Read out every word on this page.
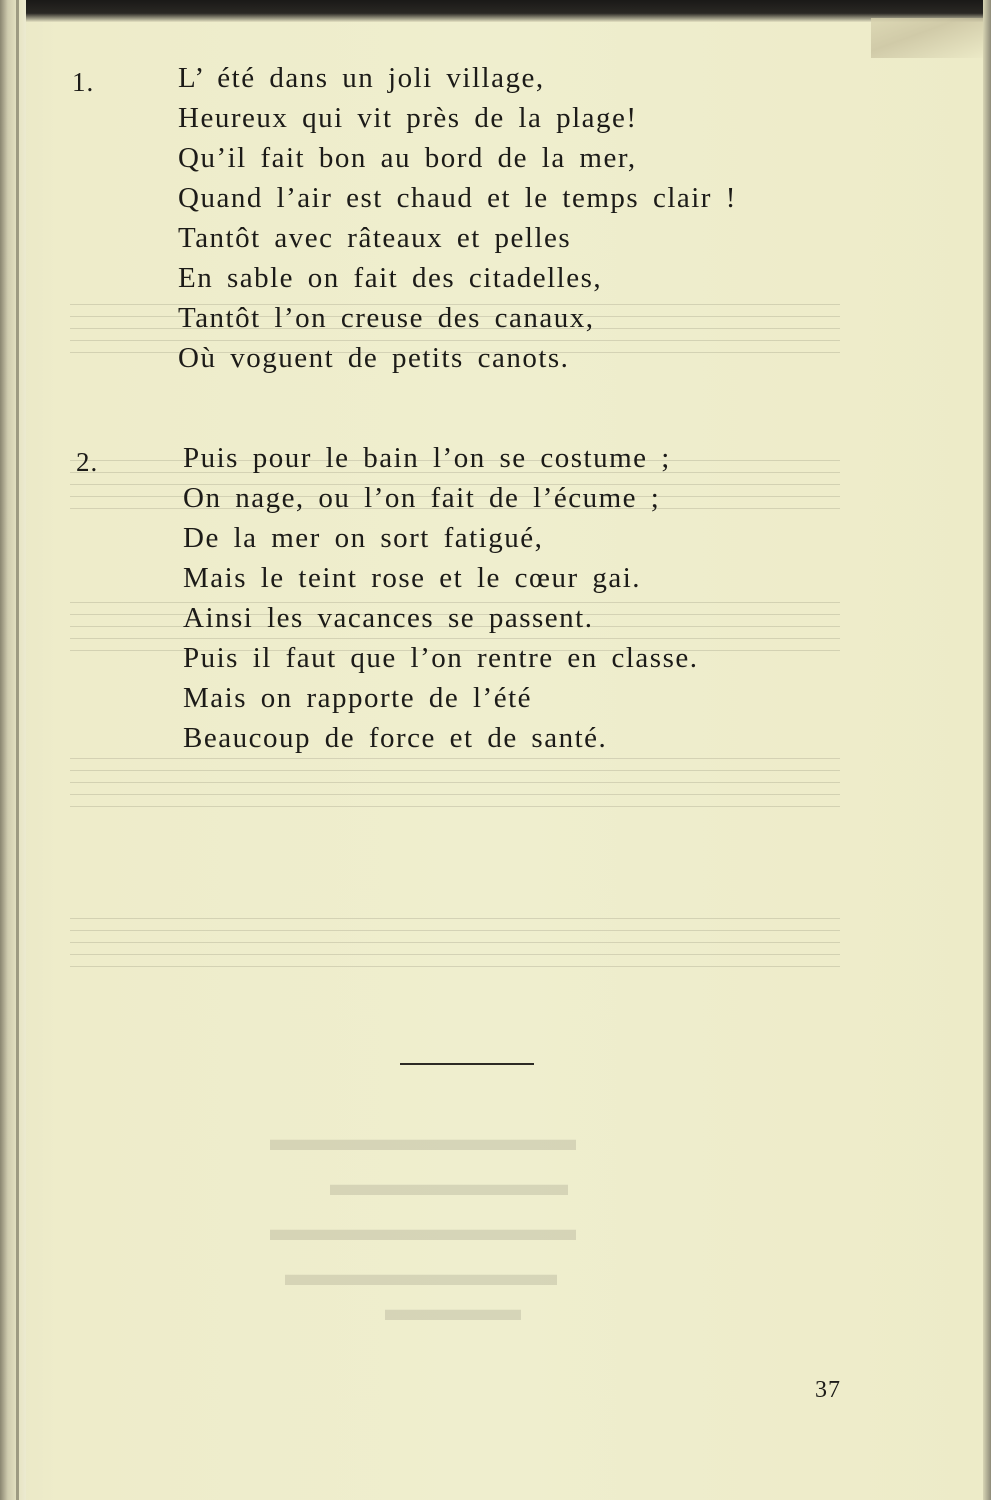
▬▬▬▬▬▬▬▬▬
▬▬▬▬▬▬▬
▬▬▬▬▬▬▬▬▬
▬▬▬▬▬▬▬▬
▬▬▬▬
1.	L’ été dans un joli village,
Heureux qui vit près de la plage!
Qu’il fait bon au bord de la mer,
Quand l’air est chaud et le temps clair !
Tantôt avec râteaux et pelles
En sable on fait des citadelles,
Tantôt l’on creuse des canaux,
Où voguent de petits canots.
2.	Puis pour le bain l’on se costume ;
On nage, ou l’on fait de l’écume ;
De la mer on sort fatigué,
Mais le teint rose et le cœur gai.
Ainsi les vacances se passent.
Puis il faut que l’on rentre en classe.
Mais on rapporte de l’été
Beaucoup de force et de santé.
37
